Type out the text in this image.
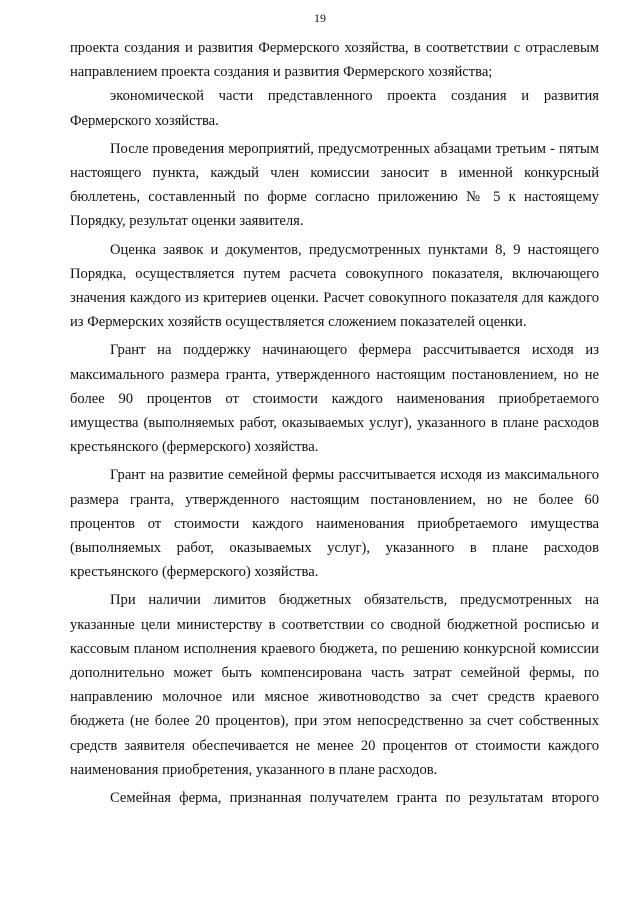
19

проекта создания и развития Фермерского хозяйства, в соответствии с отраслевым направлением проекта создания и развития Фермерского хозяйства;

экономической части представленного проекта создания и развития Фермерского хозяйства.

После проведения мероприятий, предусмотренных абзацами третьим - пятым настоящего пункта, каждый член комиссии заносит в именной конкурсный бюллетень, составленный по форме согласно приложению № 5 к настоящему Порядку, результат оценки заявителя.

Оценка заявок и документов, предусмотренных пунктами 8, 9 настоящего Порядка, осуществляется путем расчета совокупного показателя, включающего значения каждого из критериев оценки. Расчет совокупного показателя для каждого из Фермерских хозяйств осуществляется сложением показателей оценки.

Грант на поддержку начинающего фермера рассчитывается исходя из максимального размера гранта, утвержденного настоящим постановлением, но не более 90 процентов от стоимости каждого наименования приобретаемого имущества (выполняемых работ, оказываемых услуг), указанного в плане расходов крестьянского (фермерского) хозяйства.

Грант на развитие семейной фермы рассчитывается исходя из максимального размера гранта, утвержденного настоящим постановлением, но не более 60 процентов от стоимости каждого наименования приобретаемого имущества (выполняемых работ, оказываемых услуг), указанного в плане расходов крестьянского (фермерского) хозяйства.

При наличии лимитов бюджетных обязательств, предусмотренных на указанные цели министерству в соответствии со сводной бюджетной росписью и кассовым планом исполнения краевого бюджета, по решению конкурсной комиссии дополнительно может быть компенсирована часть затрат семейной фермы, по направлению молочное или мясное животноводство за счет средств краевого бюджета (не более 20 процентов), при этом непосредственно за счет собственных средств заявителя обеспечивается не менее 20 процентов от стоимости каждого наименования приобретения, указанного в плане расходов.

Семейная ферма, признанная получателем гранта по результатам второго
